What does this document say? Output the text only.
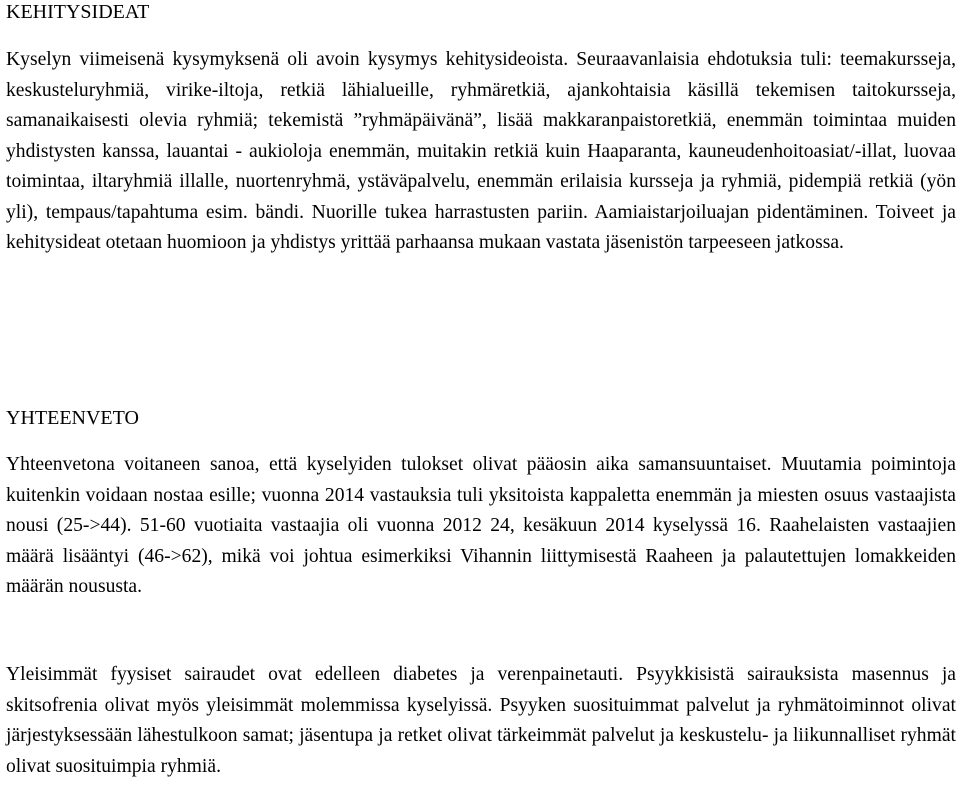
KEHITYSIDEAT

Kyselyn viimeisenä kysymyksenä oli avoin kysymys kehitysideoista. Seuraavanlaisia ehdotuksia tuli: teemakursseja, keskusteluryhmiä, virike-iltoja, retkiä lähialueille, ryhmäretkiä, ajankohtaisia käsillä tekemisen taitokursseja, samanaikaisesti olevia ryhmiä; tekemistä ”ryhmäpäivänä”, lisää makkaranpaistoretkiä, enemmän toimintaa muiden yhdistysten kanssa, lauantai - aukioloja enemmän, muitakin retkiä kuin Haaparanta, kauneudenhoitoasiat/-illat, luovaa toimintaa, iltaryhmiä illalle, nuortenryhmä, ystäväpalvelu, enemmän erilaisia kursseja ja ryhmiä, pidempiä retkiä (yön yli), tempaus/tapahtuma esim. bändi. Nuorille tukea harrastusten pariin. Aamiaistarjoiluajan pidentäminen. Toiveet ja kehitysideat otetaan huomioon ja yhdistys yrittää parhaansa mukaan vastata jäsenistön tarpeeseen jatkossa.

YHTEENVETO

Yhteenvetona voitaneen sanoa, että kyselyiden tulokset olivat pääosin aika samansuuntaiset. Muutamia poimintoja kuitenkin voidaan nostaa esille; vuonna 2014 vastauksia tuli yksitoista kappaletta enemmän ja miesten osuus vastaajista nousi (25->44). 51-60 vuotiaita vastaajia oli vuonna 2012 24, kesäkuun 2014 kyselyssä 16. Raahelaisten vastaajien määrä lisääntyi (46->62), mikä voi johtua esimerkiksi Vihannin liittymisestä Raaheen ja palautettujen lomakkeiden määrän noususta.

Yleisimmät fyysiset sairaudet ovat edelleen diabetes ja verenpainetauti. Psyykkisistä sairauksista masennus ja skitsofrenia olivat myös yleisimmät molemmissa kyselyissä. Psyyken suosituimmat palvelut ja ryhmätoiminnot olivat järjestyksessään lähestulkoon samat; jäsentupa ja retket olivat tärkeimmät palvelut ja keskustelu- ja liikunnalliset ryhmät olivat suosituimpia ryhmiä.
